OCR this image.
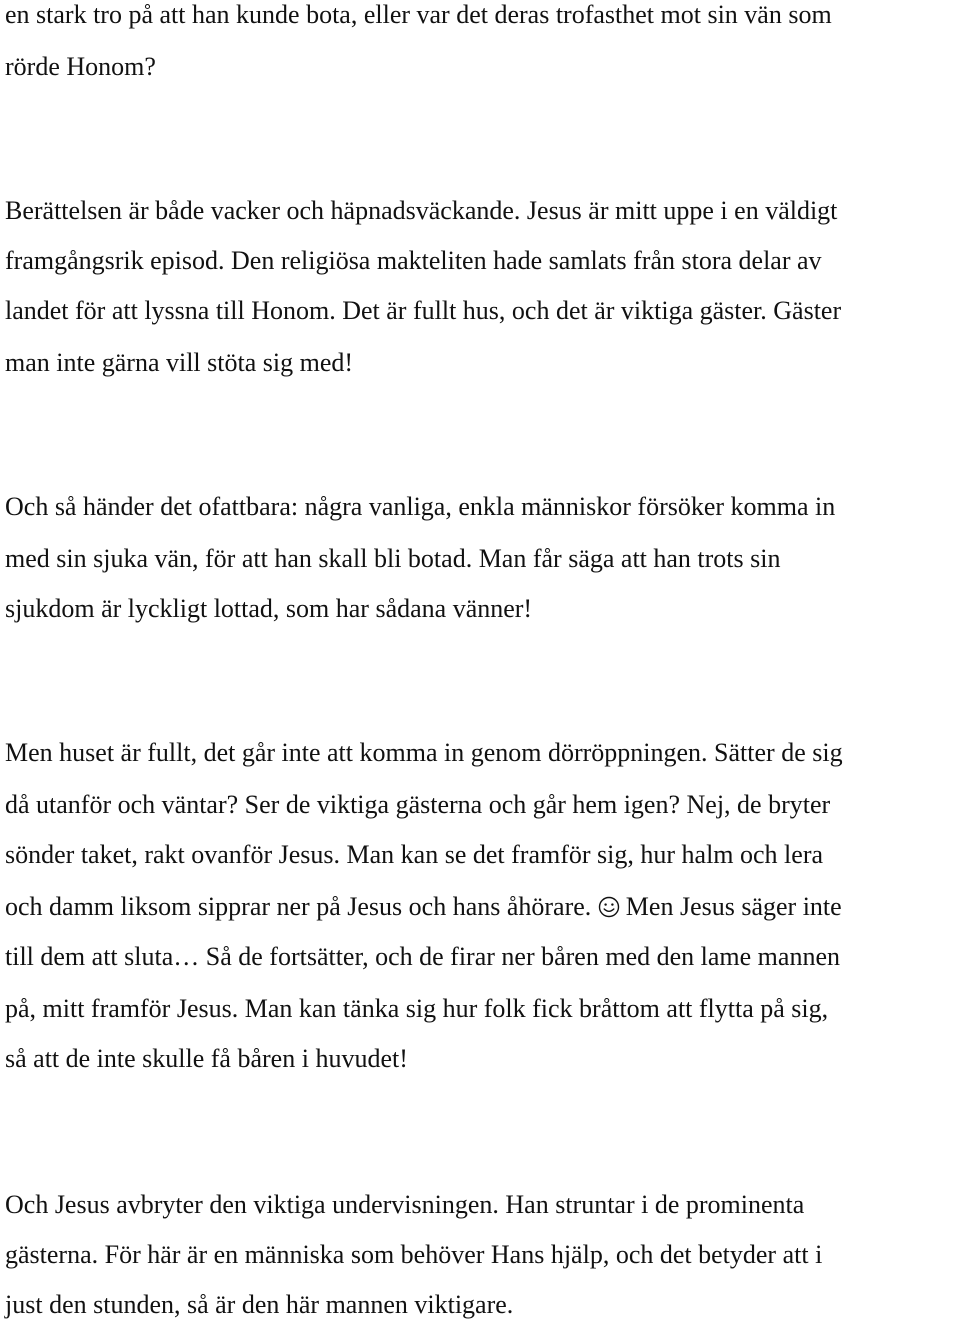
en stark tro på att han kunde bota, eller var det deras trofasthet mot sin vän som

rörde Honom?

Berättelsen är både vacker och häpnadsväckande. Jesus är mitt uppe i en väldigt

framgångsrik episod. Den religiösa makteliten hade samlats från stora delar av

landet för att lyssna till Honom. Det är fullt hus, och det är viktiga gäster. Gäster

man inte gärna vill stöta sig med!

Och så händer det ofattbara: några vanliga, enkla människor försöker komma in

med sin sjuka vän, för att han skall bli botad. Man får säga att han trots sin

sjukdom är lyckligt lottad, som har sådana vänner!

Men huset är fullt, det går inte att komma in genom dörröppningen. Sätter de sig

då utanför och väntar? Ser de viktiga gästerna och går hem igen? Nej, de bryter

sönder taket, rakt ovanför Jesus. Man kan se det framför sig, hur halm och lera

och damm liksom sipprar ner på Jesus och hans åhörare. Men Jesus säger inte

till dem att sluta… Så de fortsätter, och de firar ner båren med den lame mannen

på, mitt framför Jesus. Man kan tänka sig hur folk fick bråttom att flytta på sig,

så att de inte skulle få båren i huvudet!

Och Jesus avbryter den viktiga undervisningen. Han struntar i de prominenta

gästerna. För här är en människa som behöver Hans hjälp, och det betyder att i

just den stunden, så är den här mannen viktigare.
